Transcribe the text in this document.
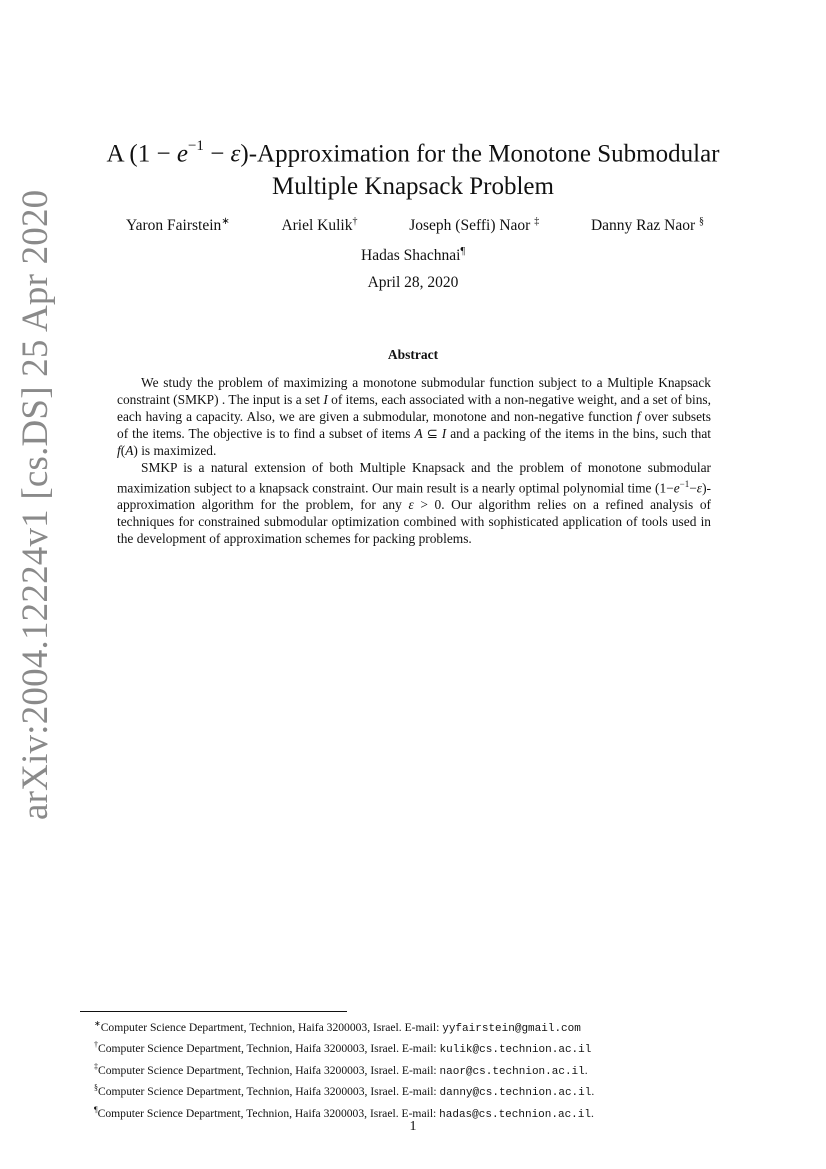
arXiv:2004.12224v1 [cs.DS] 25 Apr 2020
A ($1 - e^{-1}$ − ε)-Approximation for the Monotone Submodular
Multiple Knapsack Problem
Yaron Fairstein∗	Ariel Kulik†	Joseph (Seffi) Naor ‡	Danny Raz Naor §
Hadas Shachnai¶
April 28, 2020
Abstract

We study the problem of maximizing a monotone submodular function subject to a Multiple Knapsack constraint (SMKP) . The input is a set I of items, each associated with a non-negative weight, and a set of bins, each having a capacity. Also, we are given a submodular, monotone and non-negative function f over subsets of the items. The objective is to find a subset of items A ⊆ I and a packing of the items in the bins, such that f(A) is maximized.

SMKP is a natural extension of both Multiple Knapsack and the problem of monotone submodular maximization subject to a knapsack constraint. Our main result is a nearly optimal polynomial time $(1-e^{-1}-\varepsilon)$-approximation algorithm for the problem, for any ε > 0. Our algorithm relies on a refined analysis of techniques for constrained submodular optimization combined with sophisticated application of tools used in the development of approximation schemes for packing problems.

∗Computer Science Department, Technion, Haifa 3200003, Israel. E-mail: yyfairstein@gmail.com
†Computer Science Department, Technion, Haifa 3200003, Israel. E-mail: kulik@cs.technion.ac.il
‡Computer Science Department, Technion, Haifa 3200003, Israel. E-mail: naor@cs.technion.ac.il.
§Computer Science Department, Technion, Haifa 3200003, Israel. E-mail: danny@cs.technion.ac.il.
¶Computer Science Department, Technion, Haifa 3200003, Israel. E-mail: hadas@cs.technion.ac.il.
1
